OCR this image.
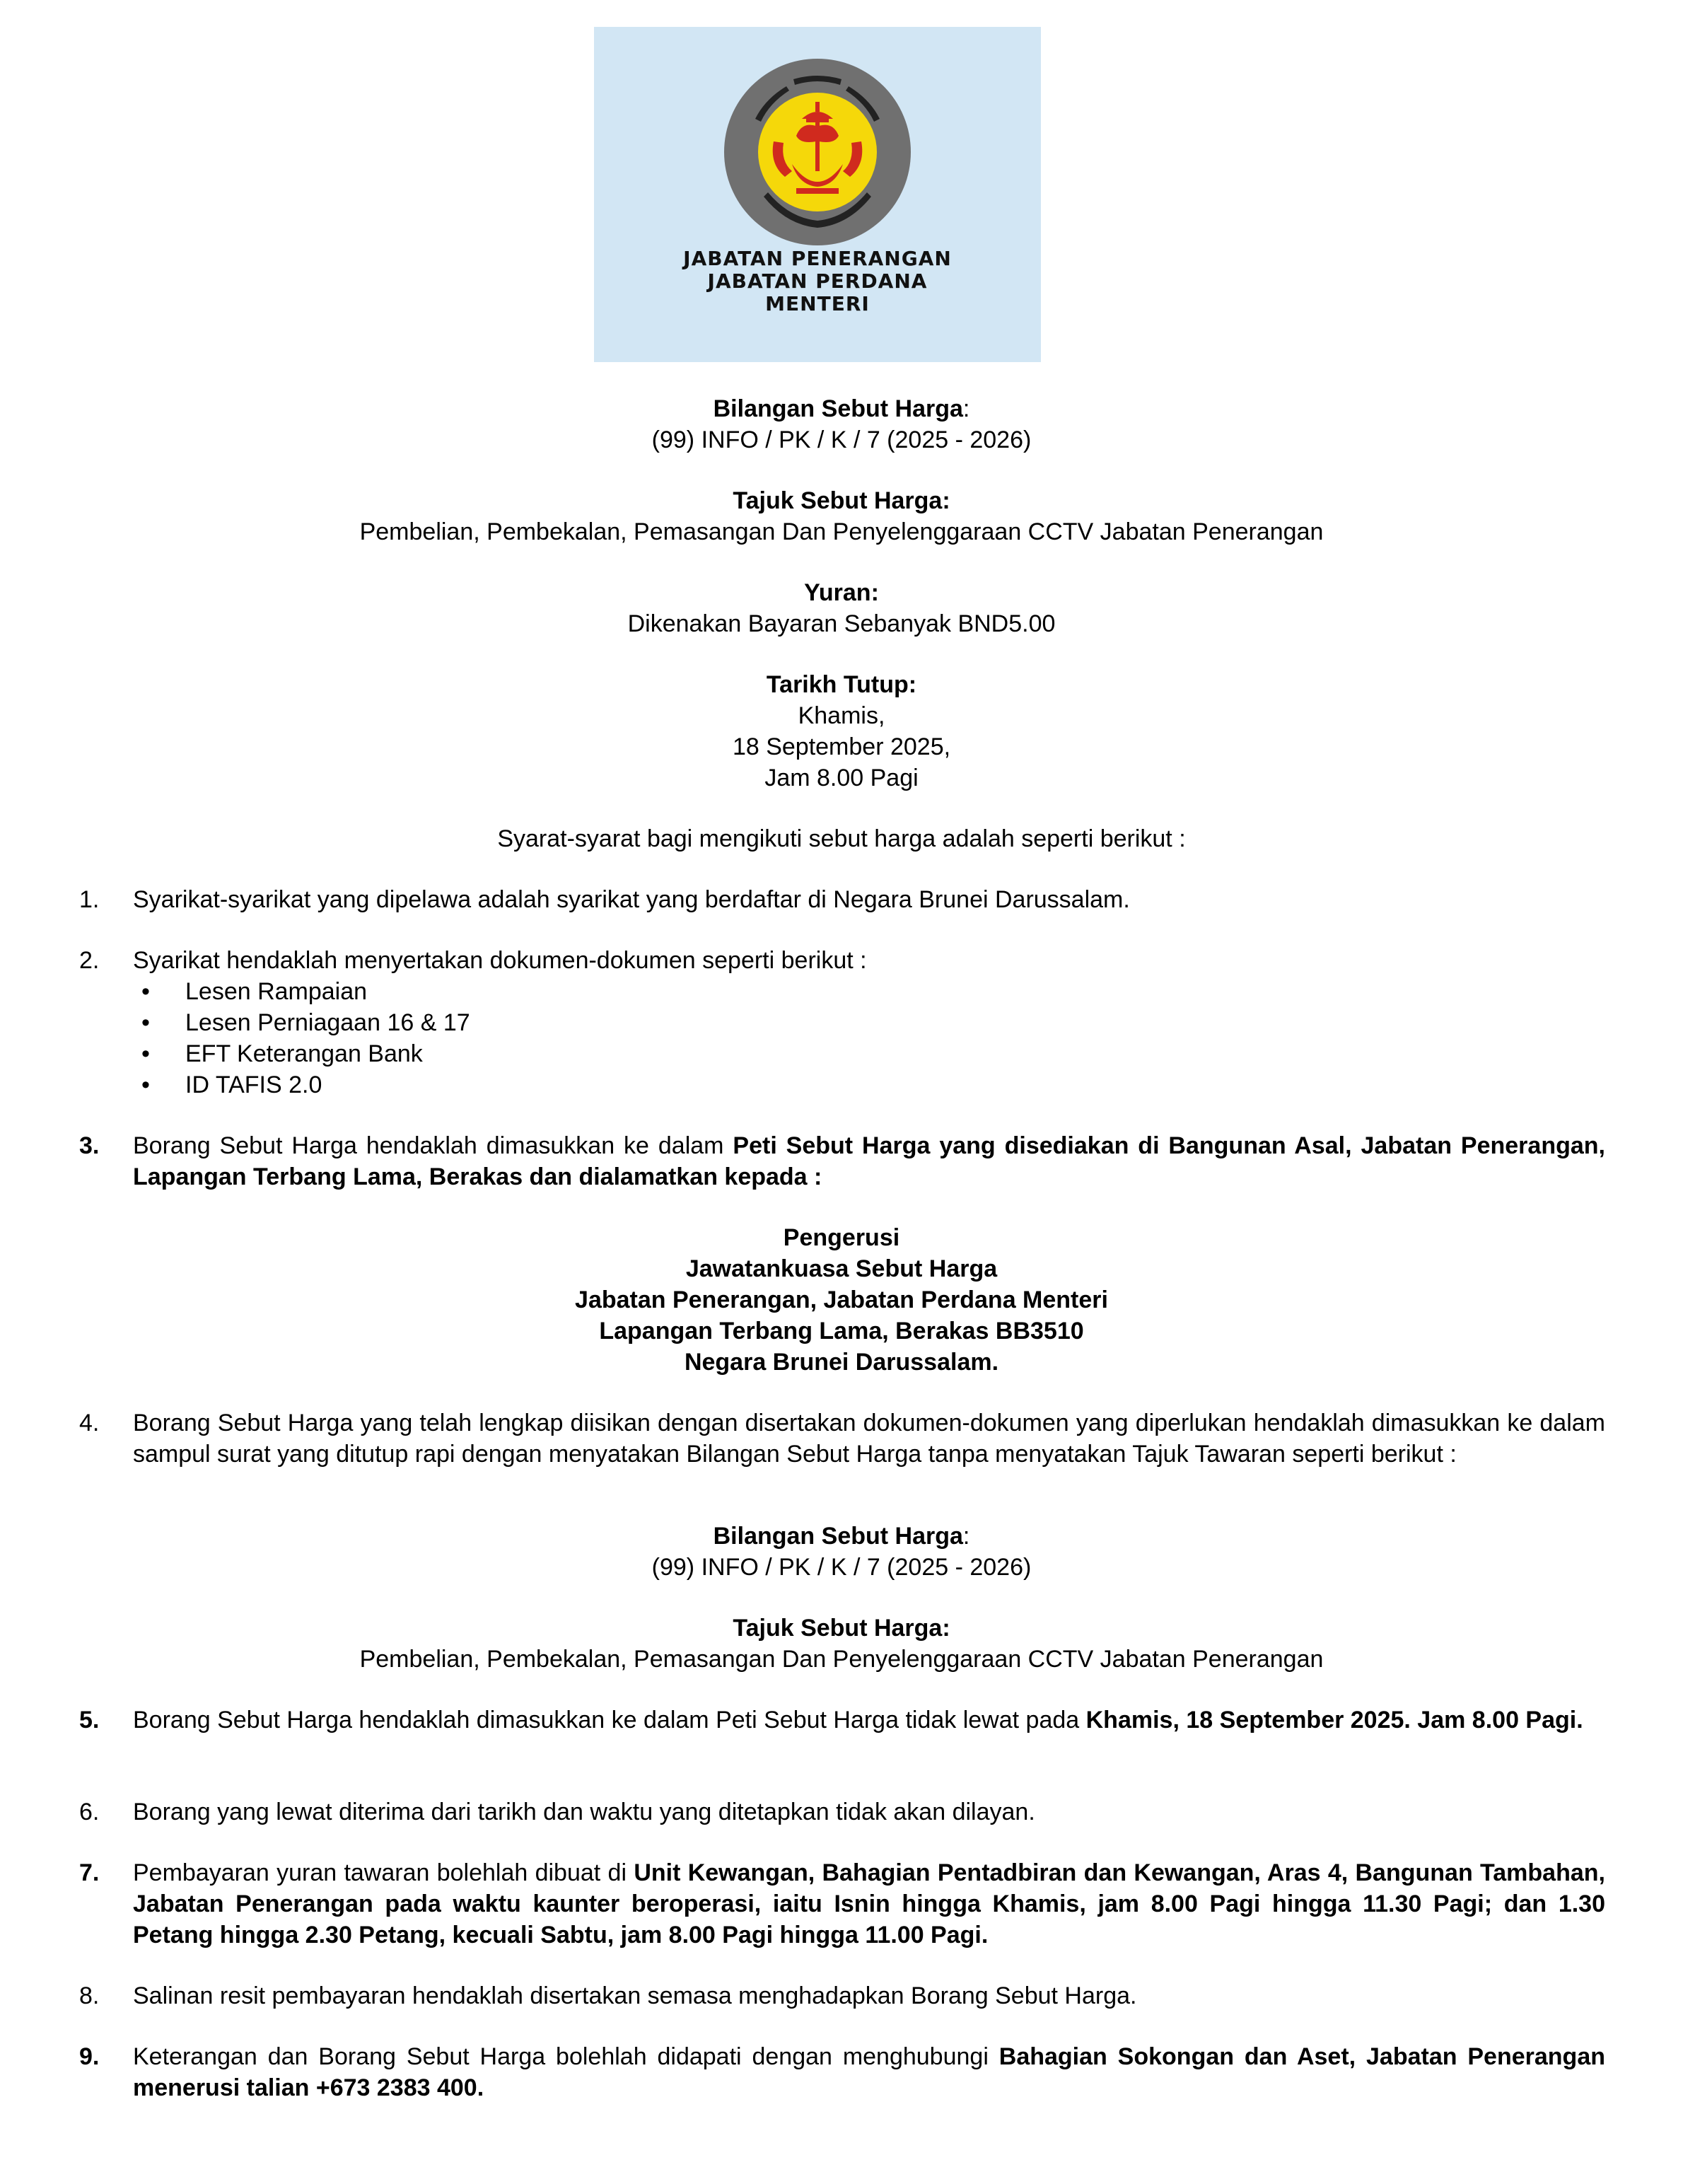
JABATAN PENERANGAN
JABATAN PERDANA
MENTERI
Bilangan Sebut Harga:
(99) INFO / PK / K / 7 (2025 - 2026)
Tajuk Sebut Harga:
Pembelian, Pembekalan, Pemasangan Dan Penyelenggaraan CCTV Jabatan Penerangan
Yuran:
Dikenakan Bayaran Sebanyak BND5.00
Tarikh Tutup:
Khamis,
18 September 2025,
Jam 8.00 Pagi
Syarat-syarat bagi mengikuti sebut harga adalah seperti berikut :
1.	Syarikat-syarikat yang dipelawa adalah syarikat yang berdaftar di Negara Brunei Darussalam.
2.	Syarikat hendaklah menyertakan dokumen-dokumen seperti berikut :
• Lesen Rampaian
• Lesen Perniagaan 16 & 17
• EFT Keterangan Bank
• ID TAFIS 2.0
3.	Borang Sebut Harga hendaklah dimasukkan ke dalam Peti Sebut Harga yang disediakan di Bangunan Asal, Jabatan Penerangan, Lapangan Terbang Lama, Berakas dan dialamatkan kepada :
Pengerusi
Jawatankuasa Sebut Harga
Jabatan Penerangan, Jabatan Perdana Menteri
Lapangan Terbang Lama, Berakas BB3510
Negara Brunei Darussalam.
4.	Borang Sebut Harga yang telah lengkap diisikan dengan disertakan dokumen-dokumen yang diperlukan hendaklah dimasukkan ke dalam sampul surat yang ditutup rapi dengan menyatakan Bilangan Sebut Harga tanpa menyatakan Tajuk Tawaran seperti berikut :
Bilangan Sebut Harga:
(99) INFO / PK / K / 7 (2025 - 2026)
Tajuk Sebut Harga:
Pembelian, Pembekalan, Pemasangan Dan Penyelenggaraan CCTV Jabatan Penerangan
5.	Borang Sebut Harga hendaklah dimasukkan ke dalam Peti Sebut Harga tidak lewat pada Khamis, 18 September 2025. Jam 8.00 Pagi.
6.	Borang yang lewat diterima dari tarikh dan waktu yang ditetapkan tidak akan dilayan.
7.	Pembayaran yuran tawaran bolehlah dibuat di Unit Kewangan, Bahagian Pentadbiran dan Kewangan, Aras 4, Bangunan Tambahan, Jabatan Penerangan pada waktu kaunter beroperasi, iaitu Isnin hingga Khamis, jam 8.00 Pagi hingga 11.30 Pagi; dan 1.30 Petang hingga 2.30 Petang, kecuali Sabtu, jam 8.00 Pagi hingga 11.00 Pagi.
8.	Salinan resit pembayaran hendaklah disertakan semasa menghadapkan Borang Sebut Harga.
9.	Keterangan dan Borang Sebut Harga bolehlah didapati dengan menghubungi Bahagian Sokongan dan Aset, Jabatan Penerangan menerusi talian +673 2383 400.
